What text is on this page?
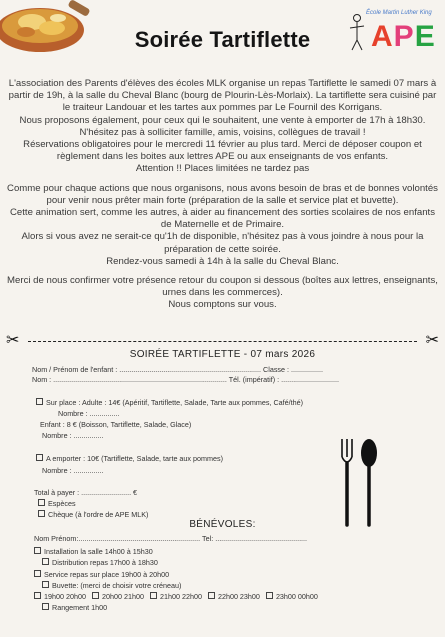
Soirée Tartiflette
École Martin Luther King
APE

L'association des Parents d'élèves des écoles MLK organise un repas Tartiflette le samedi 07 mars à partir de 19h, à la salle du Cheval Blanc (bourg de Plourin-Lès-Morlaix). La tartiflette sera cuisiné par le traiteur Landouar et les tartes aux pommes par Le Fournil des Korrigans.

Nous proposons également, pour ceux qui le souhaitent, une vente à emporter de 17h à 18h30.

N'hésitez pas à solliciter famille, amis, voisins, collègues de travail !

Réservations obligatoires pour le mercredi 11 février au plus tard. Merci de déposer coupon et règlement dans les boites aux lettres APE ou aux enseignants de vos enfants.

Attention !! Places limitées ne tardez pas

Comme pour chaque actions que nous organisons, nous avons besoin de bras et de bonnes volontés pour venir nous prêter main forte (préparation de la salle et service plat et buvette).

Cette animation sert, comme les autres, à aider au financement des sorties scolaires de nos enfants de Maternelle et de Primaire.

Alors si vous avez ne serait-ce qu'1h de disponible, n'hésitez pas à vous joindre à nous pour la préparation de cette soirée.

Rendez-vous samedi à 14h à la salle du Cheval Blanc.

Merci de nous confirmer votre présence retour du coupon si dessous (boîtes aux lettres, enseignants, urnes dans les commerces).

Nous comptons sur vous.

✂	✂
SOIRÉE TARTIFLETTE - 07 mars 2026
Nom / Prénom de l'enfant : ....................................................................... Classe : ................
Nom : ....................................................................................... Tél. (impératif) : .............................
Sur place : Adulte : 14€ (Apéritif, Tartiflette, Salade, Tarte aux pommes, Café/thé)
Nombre : ...............
Enfant : 8 € (Boisson, Tartiflette, Salade, Glace)
Nombre : ...............
A emporter : 10€ (Tartiflette, Salade, tarte aux pommes)
Nombre : ...............
Total à payer : ......................... €
Espèces
Chèque (à l'ordre de APE MLK)
BÉNÉVOLES:
Nom Prénom:............................................................. Tel: ..............................................
Installation la salle 14h00 à 15h30
Distribution repas 17h00 à 18h30
Service repas sur place 19h00 à 20h00
Buvette: (merci de choisir votre créneau)
19h00 20h00 20h00 21h00 21h00 22h00 22h00 23h00 23h00 00h00
Rangement 1h00
